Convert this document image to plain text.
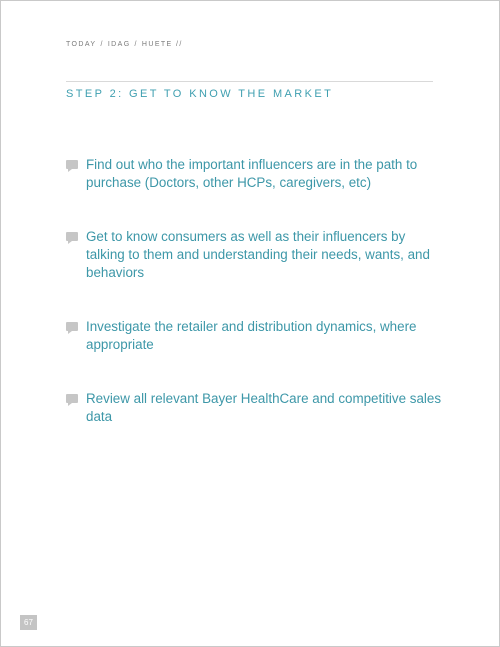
TODAY / IDAG / HUETE //
STEP 2: GET TO KNOW THE MARKET
Find out who the important influencers are in the path to purchase (Doctors, other HCPs, caregivers, etc)
Get to know consumers as well as their influencers by talking to them and understanding their needs, wants, and behaviors
Investigate the retailer and distribution dynamics, where appropriate
Review all relevant Bayer HealthCare and competitive sales data
67
